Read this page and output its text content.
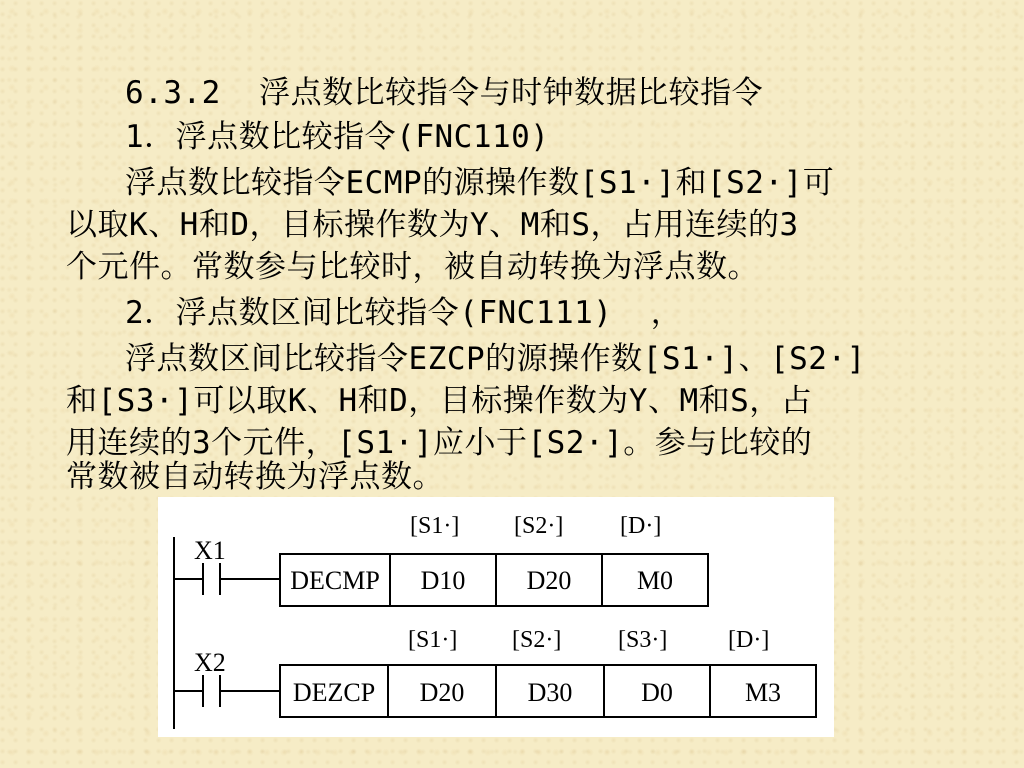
6.3.2  浮点数比较指令与时钟数据比较指令
1．浮点数比较指令(FNC110)
浮点数比较指令ECMP的源操作数[S1·]和[S2·]可
以取K、H和D，目标操作数为Y、M和S，占用连续的3
个元件。常数参与比较时，被自动转换为浮点数。
2．浮点数区间比较指令(FNC111)  ，
浮点数区间比较指令EZCP的源操作数[S1·]、[S2·]
和[S3·]可以取K、H和D，目标操作数为Y、M和S，占
用连续的3个元件，[S1·]应小于[S2·]。参与比较的
常数被自动转换为浮点数。
X1
[S1·] [S2·] [D·]
DECMP D10 D20	M0
X2
[S1·] [S2·] [S3·]	[D·]
DEZCP D20 D30	D0	M3
